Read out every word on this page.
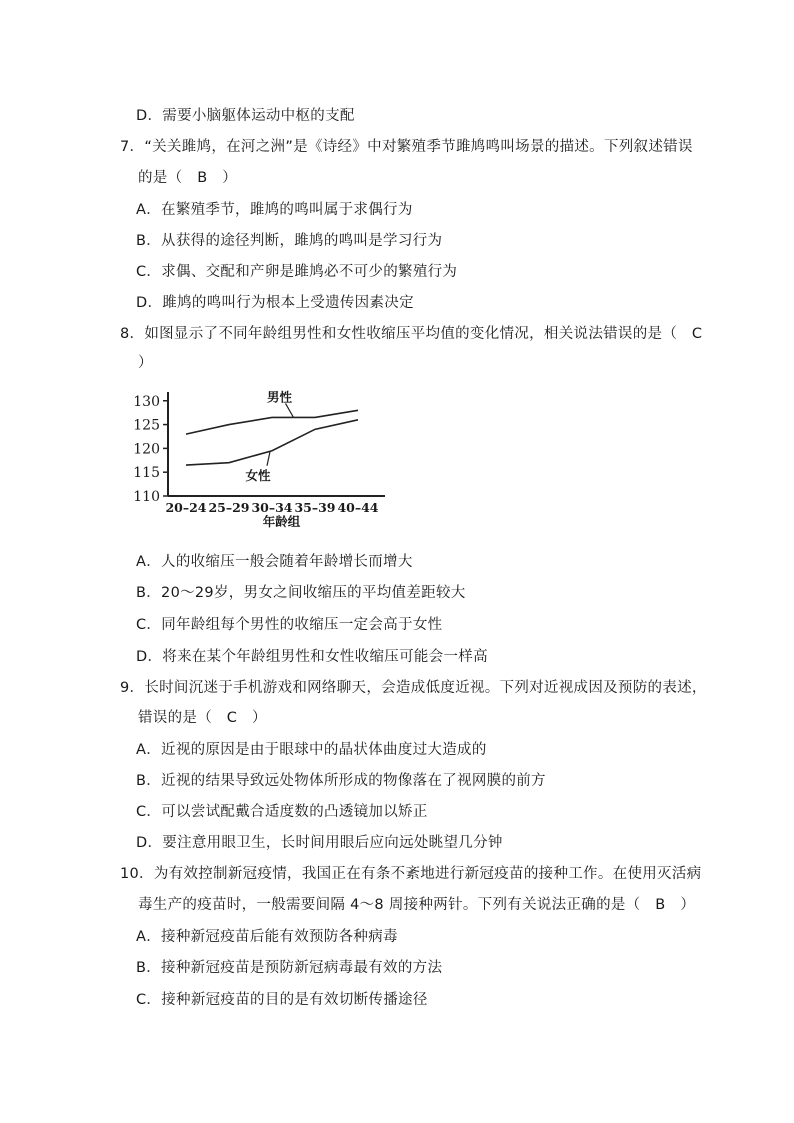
D．需要小脑躯体运动中枢的支配
7．“关关雎鸠，在河之洲”是《诗经》中对繁殖季节雎鸠鸣叫场景的描述。下列叙述错误
的是（　B　）
A．在繁殖季节，雎鸠的鸣叫属于求偶行为
B．从获得的途径判断，雎鸠的鸣叫是学习行为
C．求偶、交配和产卵是雎鸠必不可少的繁殖行为
D．雎鸠的鸣叫行为根本上受遗传因素决定
8．如图显示了不同年龄组男性和女性收缩压平均值的变化情况，相关说法错误的是（　C
）
110
115
120
125
130
20–24 25–29 30–34 35–39 40–44
年龄组
男性
女性
A．人的收缩压一般会随着年龄增长而增大
B．20～29岁，男女之间收缩压的平均值差距较大
C．同年龄组每个男性的收缩压一定会高于女性
D．将来在某个年龄组男性和女性收缩压可能会一样高
9．长时间沉迷于手机游戏和网络聊天，会造成低度近视。下列对近视成因及预防的表述，
错误的是（　C　）
A．近视的原因是由于眼球中的晶状体曲度过大造成的
B．近视的结果导致远处物体所形成的物像落在了视网膜的前方
C．可以尝试配戴合适度数的凸透镜加以矫正
D．要注意用眼卫生，长时间用眼后应向远处眺望几分钟
10．为有效控制新冠疫情，我国正在有条不紊地进行新冠疫苗的接种工作。在使用灭活病
毒生产的疫苗时，一般需要间隔 4～8 周接种两针。下列有关说法正确的是（　B　）
A．接种新冠疫苗后能有效预防各种病毒
B．接种新冠疫苗是预防新冠病毒最有效的方法
C．接种新冠疫苗的目的是有效切断传播途径
